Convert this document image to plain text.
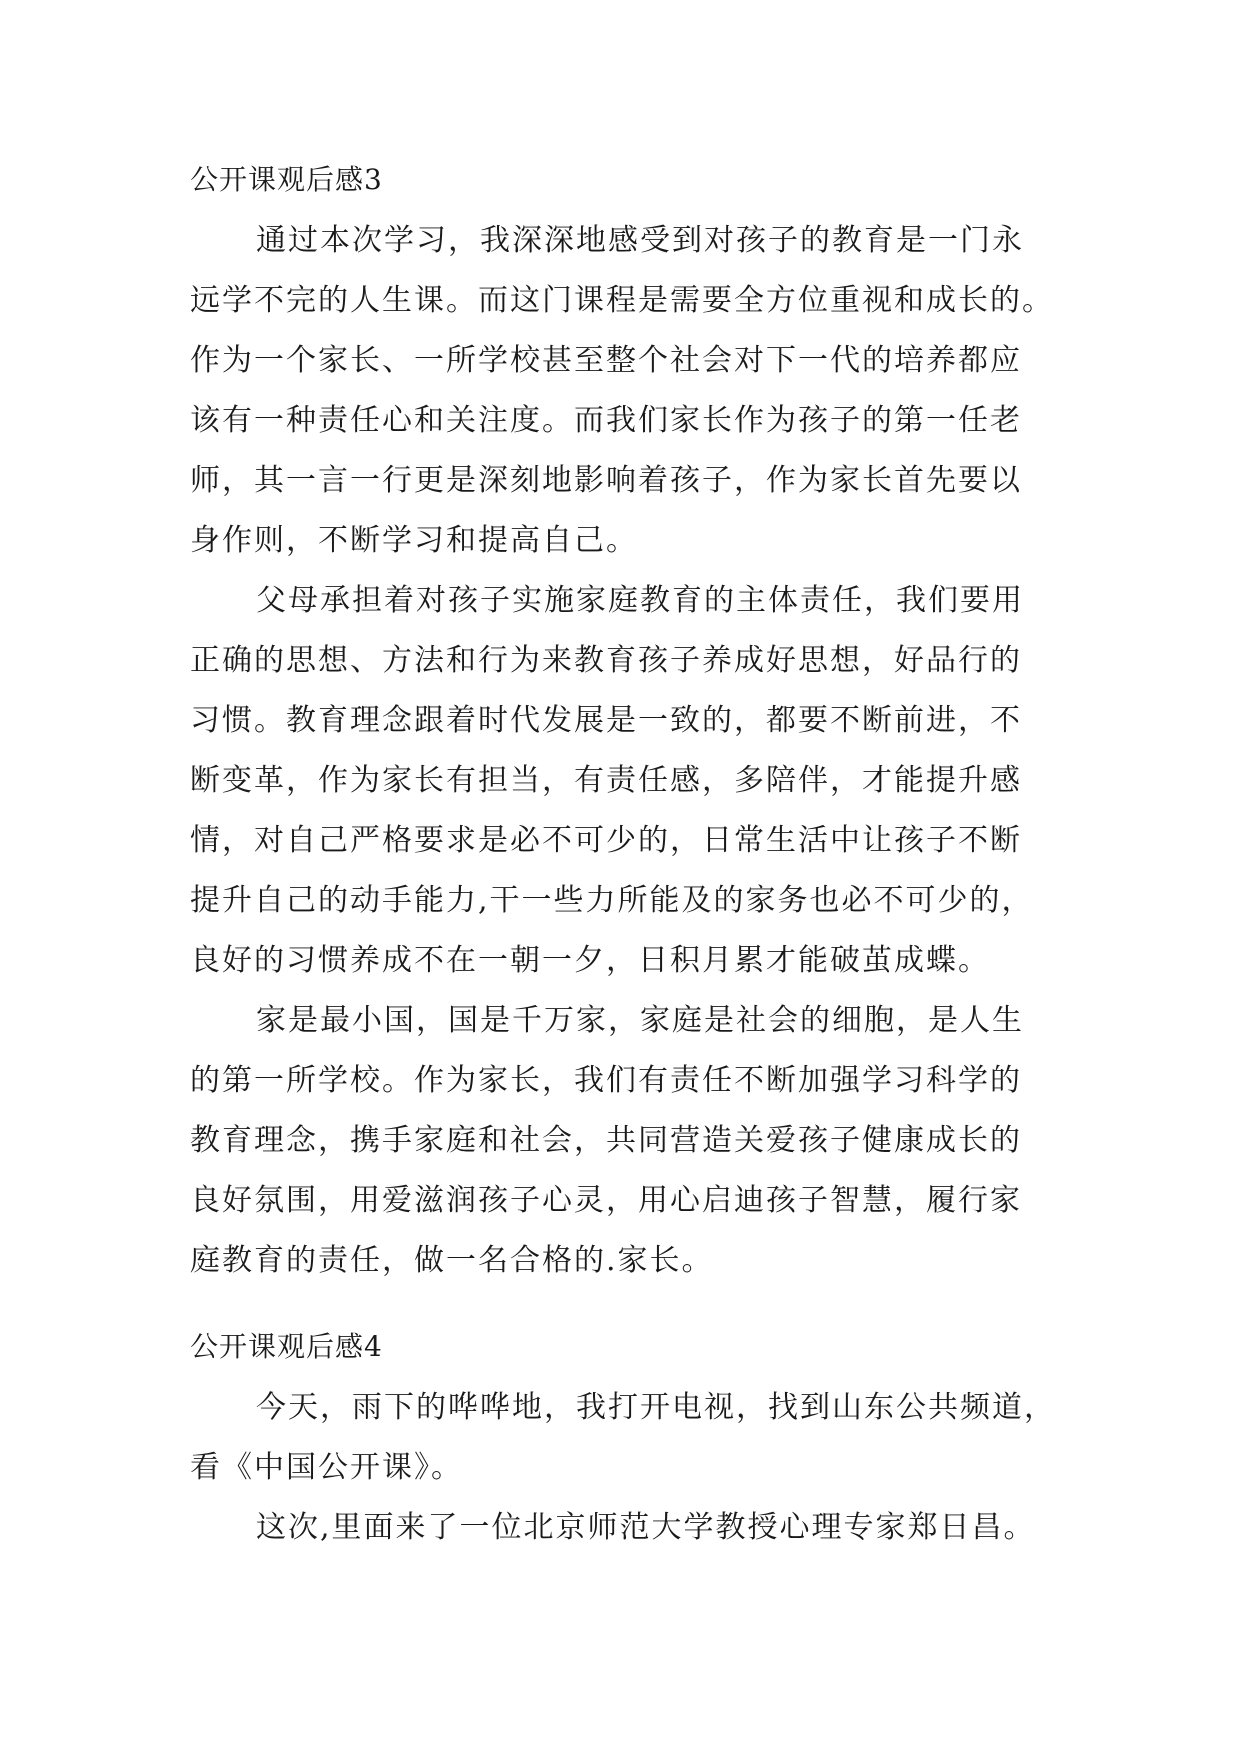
公开课观后感3

通过本次学习，我深深地感受到对孩子的教育是一门永

远学不完的人生课。而这门课程是需要全方位重视和成长的。

作为一个家长、一所学校甚至整个社会对下一代的培养都应

该有一种责任心和关注度。而我们家长作为孩子的第一任老

师，其一言一行更是深刻地影响着孩子，作为家长首先要以

身作则，不断学习和提高自己。

父母承担着对孩子实施家庭教育的主体责任，我们要用

正确的思想、方法和行为来教育孩子养成好思想，好品行的

习惯。教育理念跟着时代发展是一致的，都要不断前进，不

断变革，作为家长有担当，有责任感，多陪伴，才能提升感

情，对自己严格要求是必不可少的，日常生活中让孩子不断

提升自己的动手能力,干一些力所能及的家务也必不可少的，

良好的习惯养成不在一朝一夕，日积月累才能破茧成蝶。

家是最小国，国是千万家，家庭是社会的细胞，是人生

的第一所学校。作为家长，我们有责任不断加强学习科学的

教育理念，携手家庭和社会，共同营造关爱孩子健康成长的

良好氛围，用爱滋润孩子心灵，用心启迪孩子智慧，履行家

庭教育的责任，做一名合格的.家长。

公开课观后感4

今天，雨下的哗哗地，我打开电视，找到山东公共频道，

看《中国公开课》。

这次,里面来了一位北京师范大学教授心理专家郑日昌。
